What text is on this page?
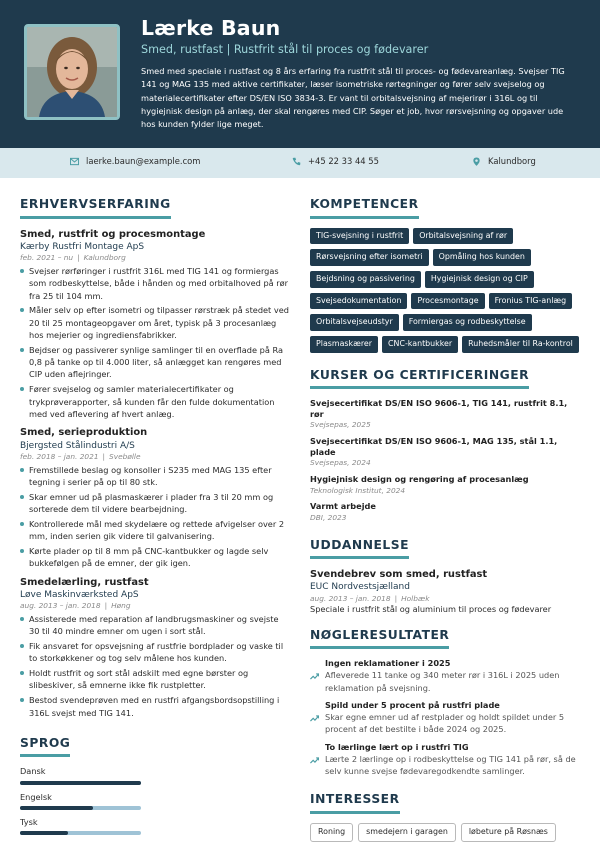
Lærke Baun
Smed, rustfast | Rustfrit stål til proces og fødevarer
Smed med speciale i rustfast og 8 års erfaring fra rustfrit stål til proces- og fødevareanlæg. Svejser TIG 141 og MAG 135 med aktive certifikater, læser isometriske rørtegninger og fører selv svejselog og materialecertifikater efter DS/EN ISO 3834-3. Er vant til orbitalsvejsning af mejerirør i 316L og til hygiejnisk design på anlæg, der skal rengøres med CIP. Søger et job, hvor rørsvejsning og opgaver ude hos kunden fylder lige meget.
laerke.baun@example.com	+45 22 33 44 55	Kalundborg
ERHVERVSERFARING
Smed, rustfrit og procesmontage
Kærby Rustfri Montage ApS
feb. 2021 – nu | Kalundborg
Svejser rørføringer i rustfrit 316L med TIG 141 og formiergas som rodbeskyttelse, både i hånden og med orbitalhoved på rør fra 25 til 104 mm.
Måler selv op efter isometri og tilpasser rørstræk på stedet ved 20 til 25 montageopgaver om året, typisk på 3 procesanlæg hos mejerier og ingrediensfabrikker.
Bejdser og passiverer synlige samlinger til en overflade på Ra 0,8 på tanke op til 4.000 liter, så anlægget kan rengøres med CIP uden aflejringer.
Fører svejselog og samler materialecertifikater og trykprøverapporter, så kunden får den fulde dokumentation med ved aflevering af hvert anlæg.
Smed, serieproduktion
Bjergsted Stålindustri A/S
feb. 2018 – jan. 2021 | Svebølle
Fremstillede beslag og konsoller i S235 med MAG 135 efter tegning i serier på op til 80 stk.
Skar emner ud på plasmaskærer i plader fra 3 til 20 mm og sorterede dem til videre bearbejdning.
Kontrollerede mål med skydelære og rettede afvigelser over 2 mm, inden serien gik videre til galvanisering.
Kørte plader op til 8 mm på CNC-kantbukker og lagde selv bukkefølgen på de emner, der gik igen.
Smedelærling, rustfast
Løve Maskinværksted ApS
aug. 2013 – jan. 2018 | Høng
Assisterede med reparation af landbrugsmaskiner og svejste 30 til 40 mindre emner om ugen i sort stål.
Fik ansvaret for opsvejsning af rustfrie bordplader og vaske til to storkøkkener og tog selv målene hos kunden.
Holdt rustfrit og sort stål adskilt med egne børster og slibeskiver, så emnerne ikke fik rustpletter.
Bestod svendeprøven med en rustfri afgangsbordsopstilling i 316L svejst med TIG 141.
SPROG
Dansk
Engelsk
Tysk
KOMPETENCER
TIG-svejsning i rustfrit	Orbitalsvejsning af rør
Rørsvejsning efter isometri	Opmåling hos kunden
Bejdsning og passivering	Hygiejnisk design og CIP
Svejsedokumentation	Procesmontage	Fronius TIG-anlæg
Orbitalsvejseudstyr	Formiergas og rodbeskyttelse
Plasmaskærer	CNC-kantbukker	Ruhedsmåler til Ra-kontrol
KURSER OG CERTIFICERINGER
Svejsecertifikat DS/EN ISO 9606-1, TIG 141, rustfrit 8.1, rør
Svejsepas, 2025
Svejsecertifikat DS/EN ISO 9606-1, MAG 135, stål 1.1, plade
Svejsepas, 2024
Hygiejnisk design og rengøring af procesanlæg
Teknologisk Institut, 2024
Varmt arbejde
DBI, 2023
UDDANNELSE
Svendebrev som smed, rustfast
EUC Nordvestsjælland
aug. 2013 – jan. 2018 | Holbæk
Speciale i rustfrit stål og aluminium til proces og fødevarer
NØGLERESULTATER
Ingen reklamationer i 2025
Afleverede 11 tanke og 340 meter rør i 316L i 2025 uden reklamation på svejsning.
Spild under 5 procent på rustfri plade
Skar egne emner ud af restplader og holdt spildet under 5 procent af det bestilte i både 2024 og 2025.
To lærlinge lært op i rustfri TIG
Lærte 2 lærlinge op i rodbeskyttelse og TIG 141 på rør, så de selv kunne svejse fødevaregodkendte samlinger.
INTERESSER
Roning	smedejern i garagen	løbeture på Røsnæs
